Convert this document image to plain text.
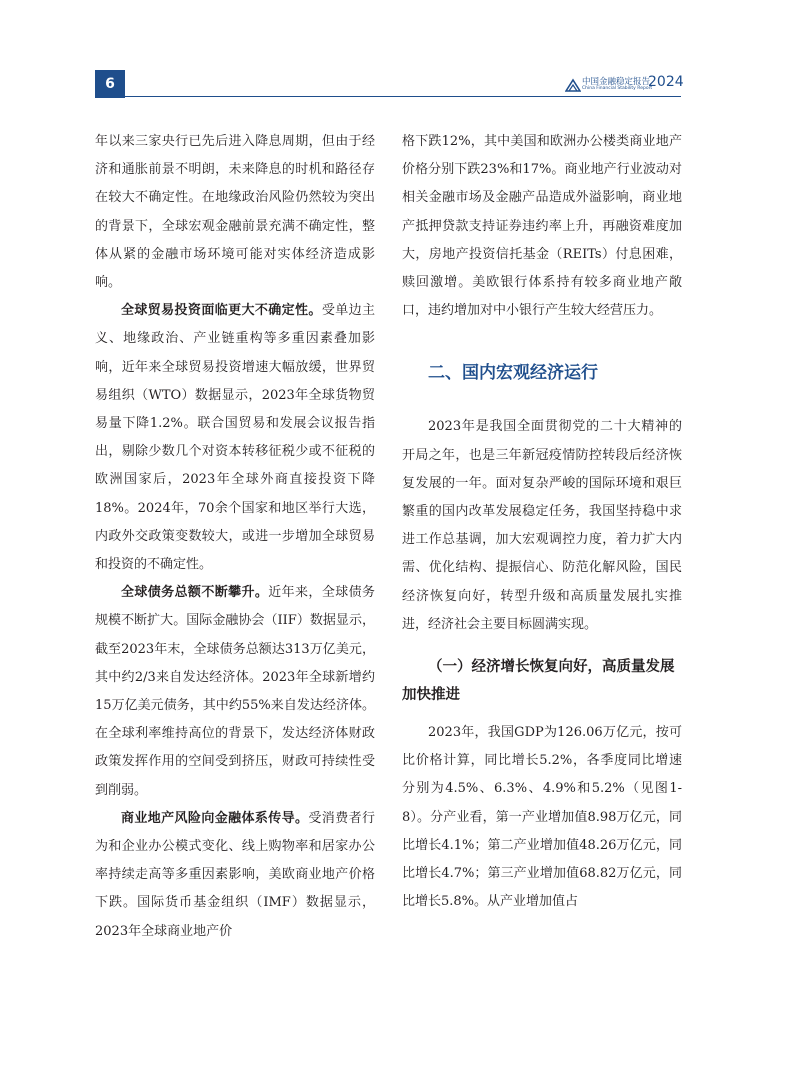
6	中国金融稳定报告
China Financial Stability Report
2024

年以来三家央行已先后进入降息周期，但由于经济和通胀前景不明朗，未来降息的时机和路径存在较大不确定性。在地缘政治风险仍然较为突出的背景下，全球宏观金融前景充满不确定性，整体从紧的金融市场环境可能对实体经济造成影响。

全球贸易投资面临更大不确定性。受单边主义、地缘政治、产业链重构等多重因素叠加影响，近年来全球贸易投资增速大幅放缓，世界贸易组织（WTO）数据显示，2023年全球货物贸易量下降1.2%。联合国贸易和发展会议报告指出，剔除少数几个对资本转移征税少或不征税的欧洲国家后，2023年全球外商直接投资下降18%。2024年，70余个国家和地区举行大选，内政外交政策变数较大，或进一步增加全球贸易和投资的不确定性。

全球债务总额不断攀升。近年来，全球债务规模不断扩大。国际金融协会（IIF）数据显示，截至2023年末，全球债务总额达313万亿美元，其中约2/3来自发达经济体。2023年全球新增约15万亿美元债务，其中约55%来自发达经济体。在全球利率维持高位的背景下，发达经济体财政政策发挥作用的空间受到挤压，财政可持续性受到削弱。

商业地产风险向金融体系传导。受消费者行为和企业办公模式变化、线上购物率和居家办公率持续走高等多重因素影响，美欧商业地产价格下跌。国际货币基金组织（IMF）数据显示，2023年全球商业地产价

格下跌12%，其中美国和欧洲办公楼类商业地产价格分别下跌23%和17%。商业地产行业波动对相关金融市场及金融产品造成外溢影响，商业地产抵押贷款支持证券违约率上升，再融资难度加大，房地产投资信托基金（REITs）付息困难，赎回激增。美欧银行体系持有较多商业地产敞口，违约增加对中小银行产生较大经营压力。

二、国内宏观经济运行

2023年是我国全面贯彻党的二十大精神的开局之年，也是三年新冠疫情防控转段后经济恢复发展的一年。面对复杂严峻的国际环境和艰巨繁重的国内改革发展稳定任务，我国坚持稳中求进工作总基调，加大宏观调控力度，着力扩大内需、优化结构、提振信心、防范化解风险，国民经济恢复向好，转型升级和高质量发展扎实推进，经济社会主要目标圆满实现。

（一）经济增长恢复向好，高质量发展加快推进

2023年，我国GDP为126.06万亿元，按可比价格计算，同比增长5.2%，各季度同比增速分别为4.5%、6.3%、4.9%和5.2%（见图1-8）。分产业看，第一产业增加值8.98万亿元，同比增长4.1%；第二产业增加值48.26万亿元，同比增长4.7%；第三产业增加值68.82万亿元，同比增长5.8%。从产业增加值占
